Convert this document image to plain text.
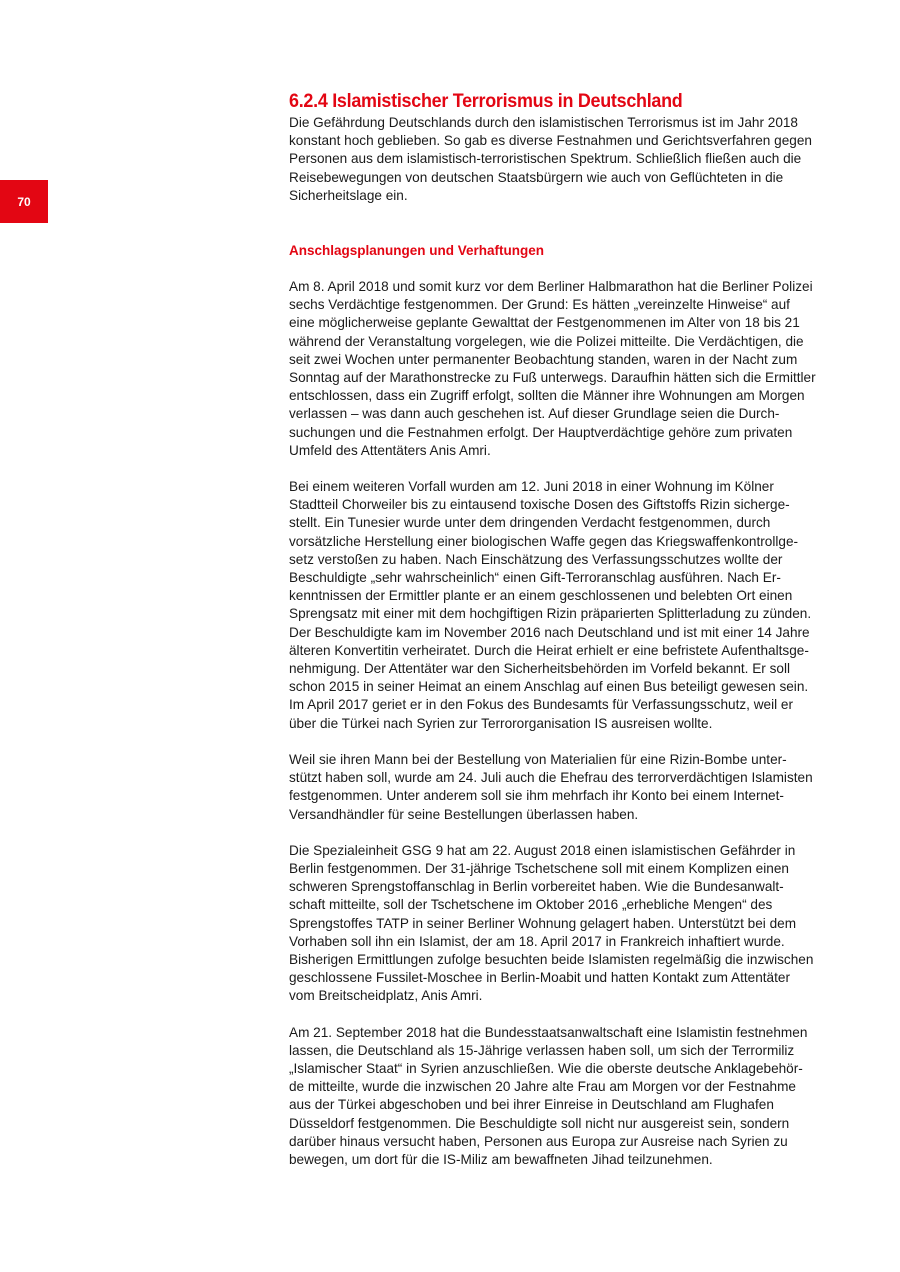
70
6.2.4 Islamistischer Terrorismus in Deutschland

Die Gefährdung Deutschlands durch den islamistischen Terrorismus ist im Jahr 2018
konstant hoch geblieben. So gab es diverse Festnahmen und Gerichtsverfahren gegen
Personen aus dem islamistisch-terroristischen Spektrum. Schließlich fließen auch die
Reisebewegungen von deutschen Staatsbürgern wie auch von Geflüchteten in die
Sicherheitslage ein.

Anschlagsplanungen und Verhaftungen

Am 8. April 2018 und somit kurz vor dem Berliner Halbmarathon hat die Berliner Polizei
sechs Verdächtige festgenommen. Der Grund: Es hätten „vereinzelte Hinweise“ auf
eine möglicherweise geplante Gewalttat der Festgenommenen im Alter von 18 bis 21
während der Veranstaltung vorgelegen, wie die Polizei mitteilte. Die Verdächtigen, die
seit zwei Wochen unter permanenter Beobachtung standen, waren in der Nacht zum
Sonntag auf der Marathonstrecke zu Fuß unterwegs. Daraufhin hätten sich die Ermittler
entschlossen, dass ein Zugriff erfolgt, sollten die Männer ihre Wohnungen am Morgen
verlassen – was dann auch geschehen ist. Auf dieser Grundlage seien die Durch-
suchungen und die Festnahmen erfolgt. Der Hauptverdächtige gehöre zum privaten
Umfeld des Attentäters Anis Amri.

Bei einem weiteren Vorfall wurden am 12. Juni 2018 in einer Wohnung im Kölner
Stadtteil Chorweiler bis zu eintausend toxische Dosen des Giftstoffs Rizin sicherge-
stellt. Ein Tunesier wurde unter dem dringenden Verdacht festgenommen, durch
vorsätzliche Herstellung einer biologischen Waffe gegen das Kriegswaffenkontrollge-
setz verstoßen zu haben. Nach Einschätzung des Verfassungsschutzes wollte der
Beschuldigte „sehr wahrscheinlich“ einen Gift-Terroranschlag ausführen. Nach Er-
kenntnissen der Ermittler plante er an einem geschlossenen und belebten Ort einen
Sprengsatz mit einer mit dem hochgiftigen Rizin präparierten Splitterladung zu zünden.
Der Beschuldigte kam im November 2016 nach Deutschland und ist mit einer 14 Jahre
älteren Konvertitin verheiratet. Durch die Heirat erhielt er eine befristete Aufenthaltsge-
nehmigung. Der Attentäter war den Sicherheitsbehörden im Vorfeld bekannt. Er soll
schon 2015 in seiner Heimat an einem Anschlag auf einen Bus beteiligt gewesen sein.
Im April 2017 geriet er in den Fokus des Bundesamts für Verfassungsschutz, weil er
über die Türkei nach Syrien zur Terrororganisation IS ausreisen wollte.

Weil sie ihren Mann bei der Bestellung von Materialien für eine Rizin-Bombe unter-
stützt haben soll, wurde am 24. Juli auch die Ehefrau des terrorverdächtigen Islamisten
festgenommen. Unter anderem soll sie ihm mehrfach ihr Konto bei einem Internet-
Versandhändler für seine Bestellungen überlassen haben.

Die Spezialeinheit GSG 9 hat am 22. August 2018 einen islamistischen Gefährder in
Berlin festgenommen. Der 31-jährige Tschetschene soll mit einem Komplizen einen
schweren Sprengstoffanschlag in Berlin vorbereitet haben. Wie die Bundesanwalt-
schaft mitteilte, soll der Tschetschene im Oktober 2016 „erhebliche Mengen“ des
Sprengstoffes TATP in seiner Berliner Wohnung gelagert haben. Unterstützt bei dem
Vorhaben soll ihn ein Islamist, der am 18. April 2017 in Frankreich inhaftiert wurde.
Bisherigen Ermittlungen zufolge besuchten beide Islamisten regelmäßig die inzwischen
geschlossene Fussilet-Moschee in Berlin-Moabit und hatten Kontakt zum Attentäter
vom Breitscheidplatz, Anis Amri.

Am 21. September 2018 hat die Bundesstaatsanwaltschaft eine Islamistin festnehmen
lassen, die Deutschland als 15-Jährige verlassen haben soll, um sich der Terrormiliz
„Islamischer Staat“ in Syrien anzuschließen. Wie die oberste deutsche Anklagebehör-
de mitteilte, wurde die inzwischen 20 Jahre alte Frau am Morgen vor der Festnahme
aus der Türkei abgeschoben und bei ihrer Einreise in Deutschland am Flughafen
Düsseldorf festgenommen. Die Beschuldigte soll nicht nur ausgereist sein, sondern
darüber hinaus versucht haben, Personen aus Europa zur Ausreise nach Syrien zu
bewegen, um dort für die IS-Miliz am bewaffneten Jihad teilzunehmen.
